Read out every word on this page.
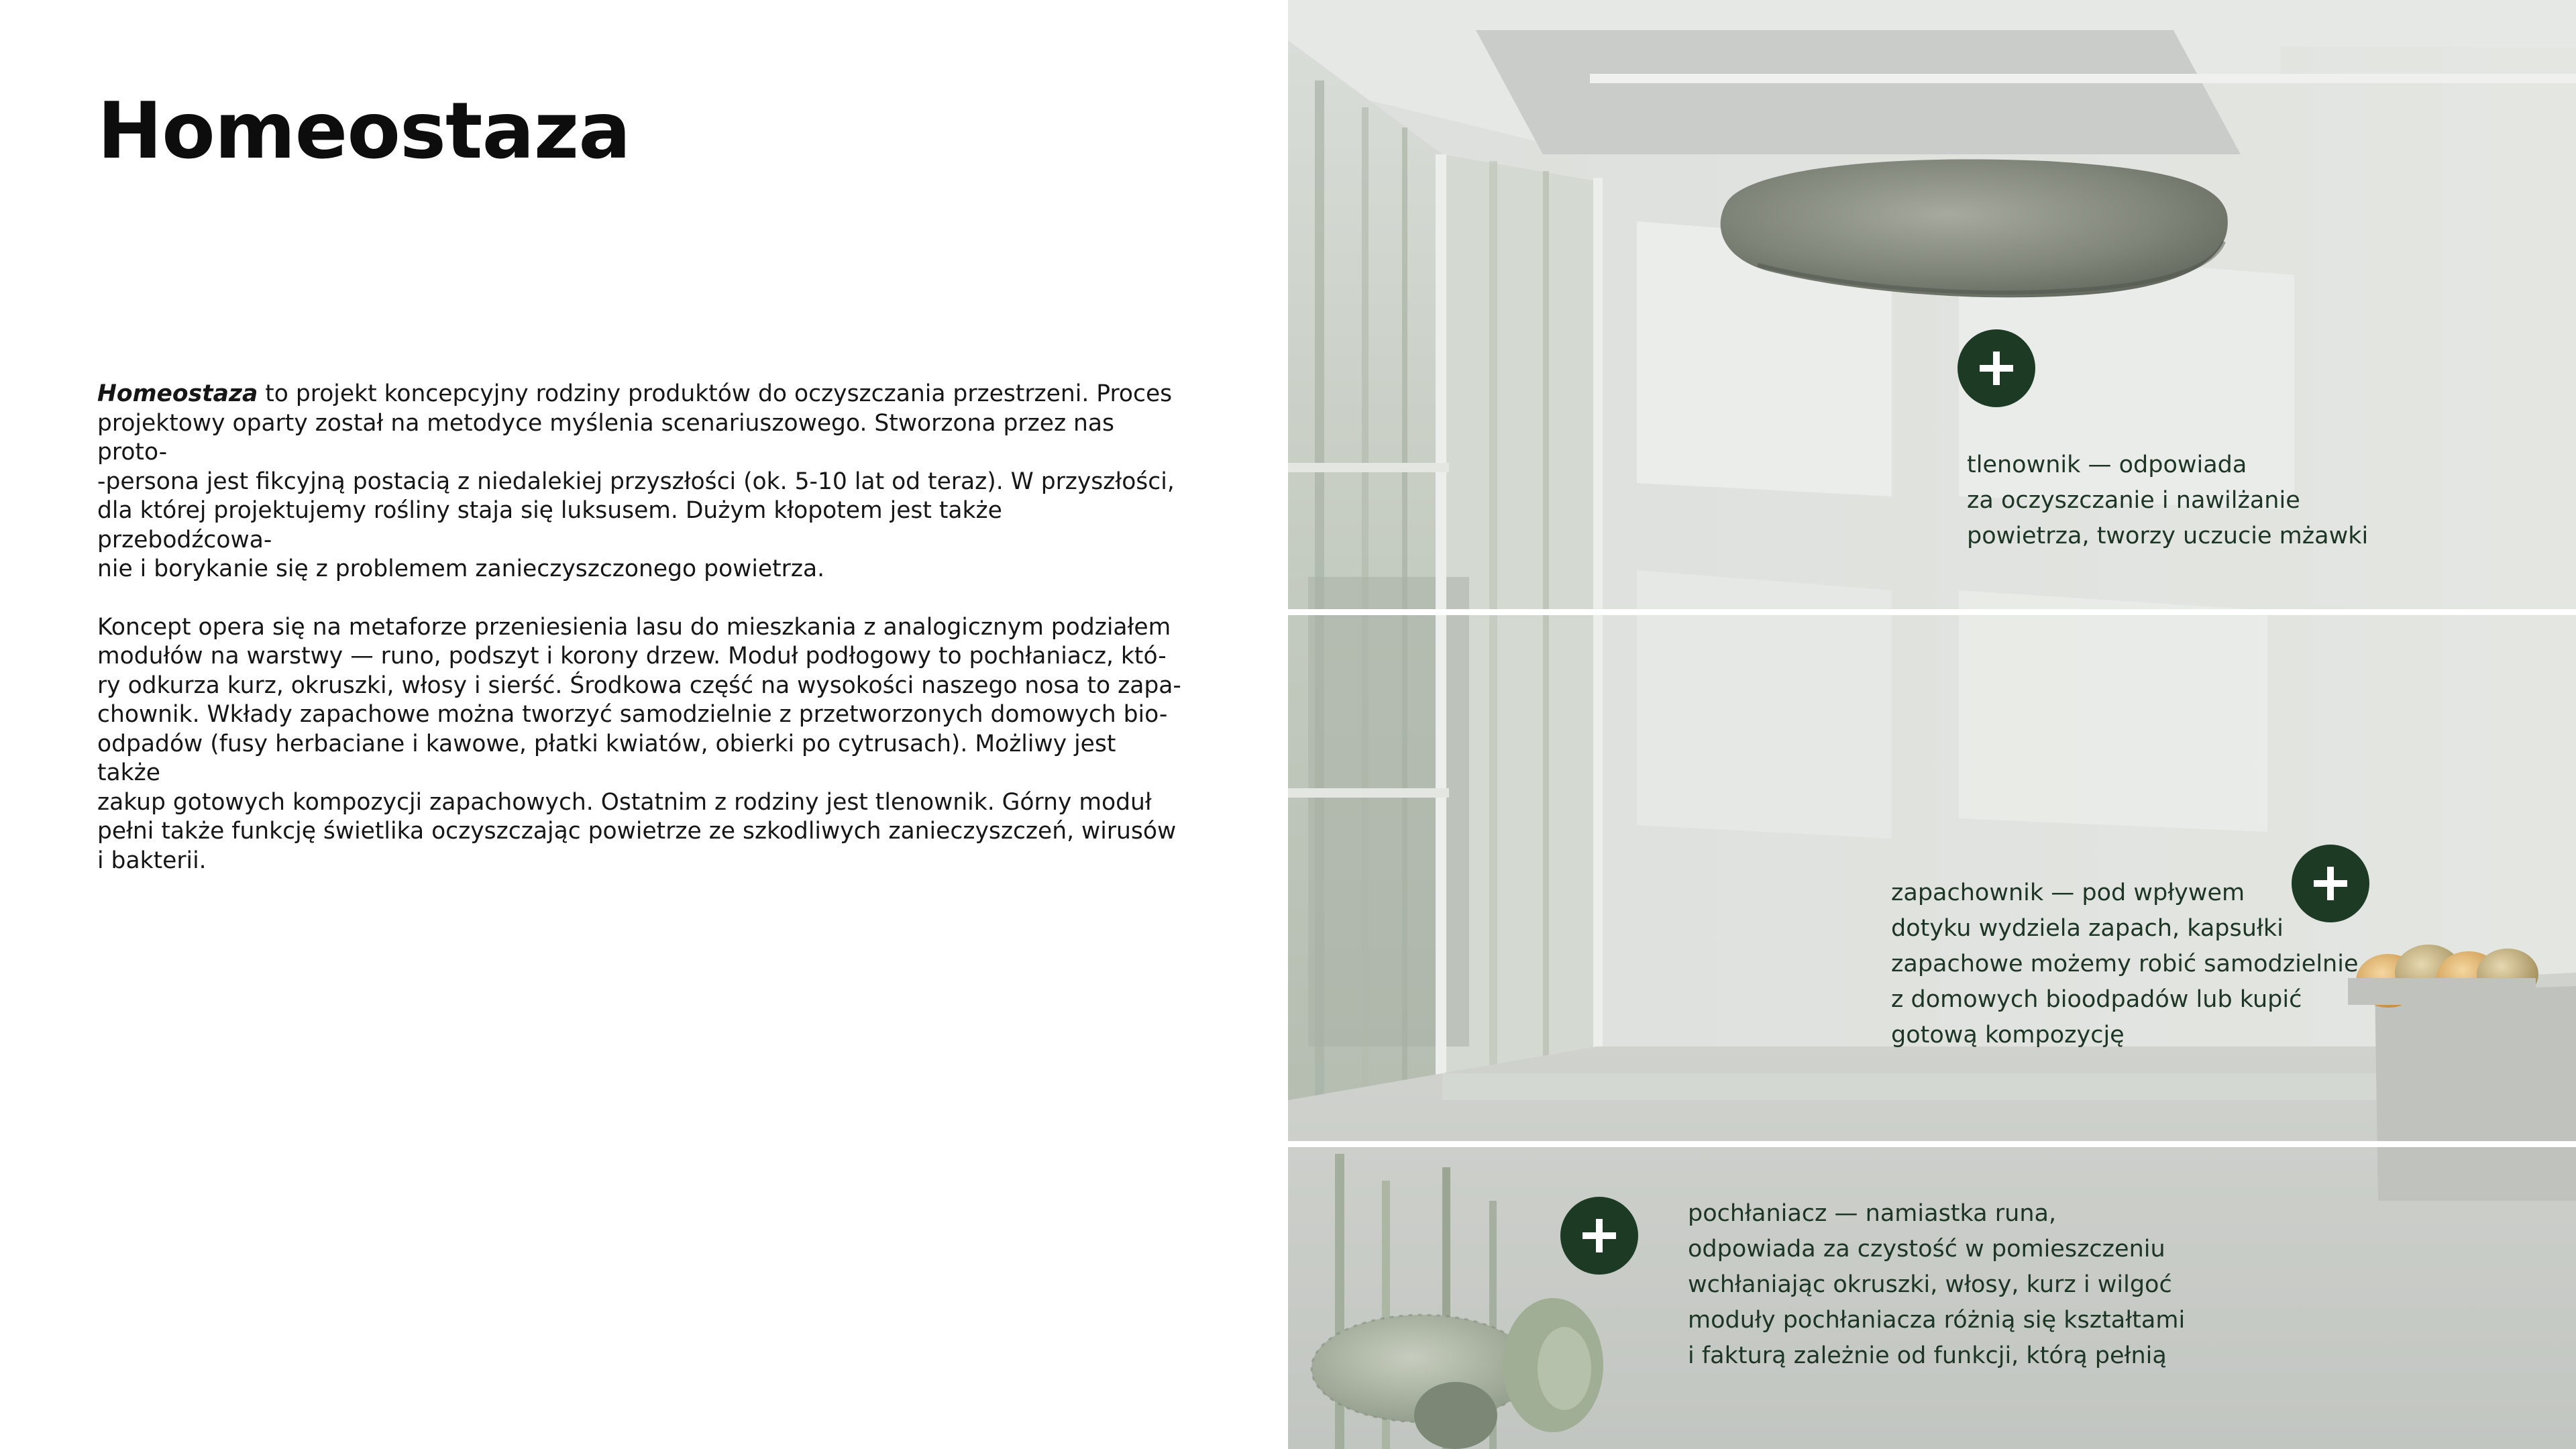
Homeostaza

Homeostaza to projekt koncepcyjny rodziny produktów do oczyszczania przestrzeni. Proces
projektowy oparty został na metodyce myślenia scenariuszowego. Stworzona przez nas proto-
-persona jest fikcyjną postacią z niedalekiej przyszłości (ok. 5-10 lat od teraz). W przyszłości,
dla której projektujemy rośliny staja się luksusem. Dużym kłopotem jest także przebodźcowa-
nie i borykanie się z problemem zanieczyszczonego powietrza.

Koncept opera się na metaforze przeniesienia lasu do mieszkania z analogicznym podziałem
modułów na warstwy — runo, podszyt i korony drzew. Moduł podłogowy to pochłaniacz, któ-
ry odkurza kurz, okruszki, włosy i sierść. Środkowa część na wysokości naszego nosa to zapa-
chownik. Wkłady zapachowe można tworzyć samodzielnie z przetworzonych domowych bio-
odpadów (fusy herbaciane i kawowe, płatki kwiatów, obierki po cytrusach). Możliwy jest także
zakup gotowych kompozycji zapachowych. Ostatnim z rodziny jest tlenownik. Górny moduł
pełni także funkcję świetlika oczyszczając powietrze ze szkodliwych zanieczyszczeń, wirusów
i bakterii.

tlenownik — odpowiada
za oczyszczanie i nawilżanie
powietrza, tworzy uczucie mżawki
zapachownik — pod wpływem
dotyku wydziela zapach, kapsułki
zapachowe możemy robić samodzielnie
z domowych bioodpadów lub kupić
gotową kompozycję
pochłaniacz — namiastka runa,
odpowiada za czystość w pomieszczeniu
wchłaniając okruszki, włosy, kurz i wilgoć
moduły pochłaniacza różnią się kształtami
i fakturą zależnie od funkcji, którą pełnią
